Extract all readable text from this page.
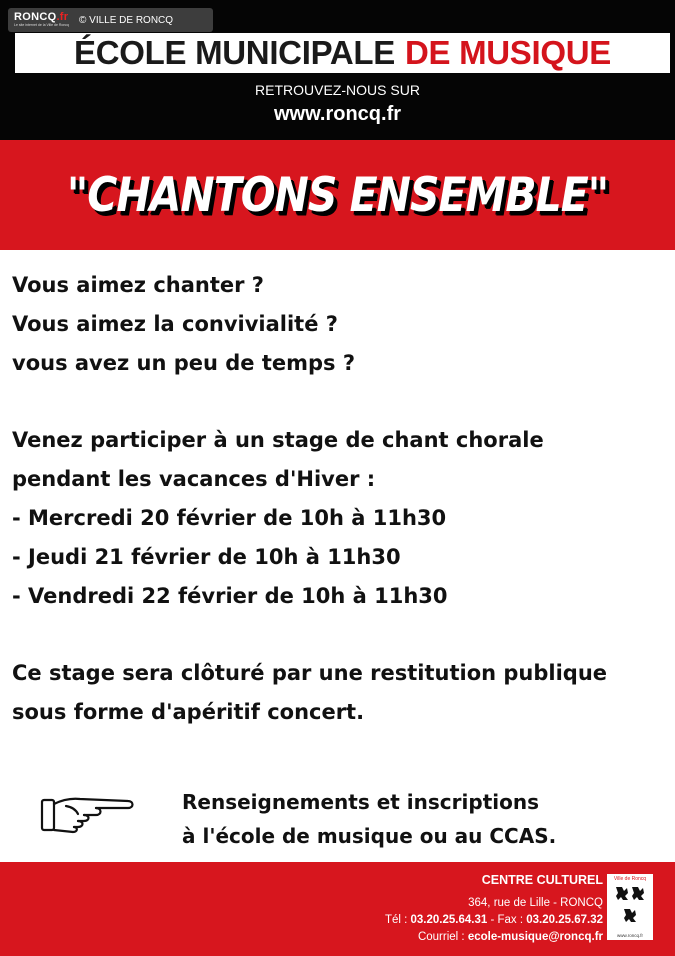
RONCQ.fr
Le site internet de la Ville de Roncq © VILLE DE RONCQ
ÉCOLE MUNICIPALE DE MUSIQUE
RETROUVEZ-NOUS SUR
www.roncq.fr
"CHANTONS ENSEMBLE"
Vous aimez chanter ?
Vous aimez la convivialité ?
vous avez un peu de temps ?
Venez participer à un stage de chant chorale
pendant les vacances d'Hiver :
- Mercredi 20 février de 10h à 11h30
- Jeudi 21 février de 10h à 11h30
- Vendredi 22 février de 10h à 11h30
Ce stage sera clôturé par une restitution publique
sous forme d'apéritif concert.
Renseignements et inscriptions
à l'école de musique ou au CCAS.
CENTRE CULTUREL
364, rue de Lille - RONCQ
Tél : 03.20.25.64.31 - Fax : 03.20.25.67.32
Courriel : ecole-musique@roncq.fr
Ville de Roncq
www.roncq.fr
